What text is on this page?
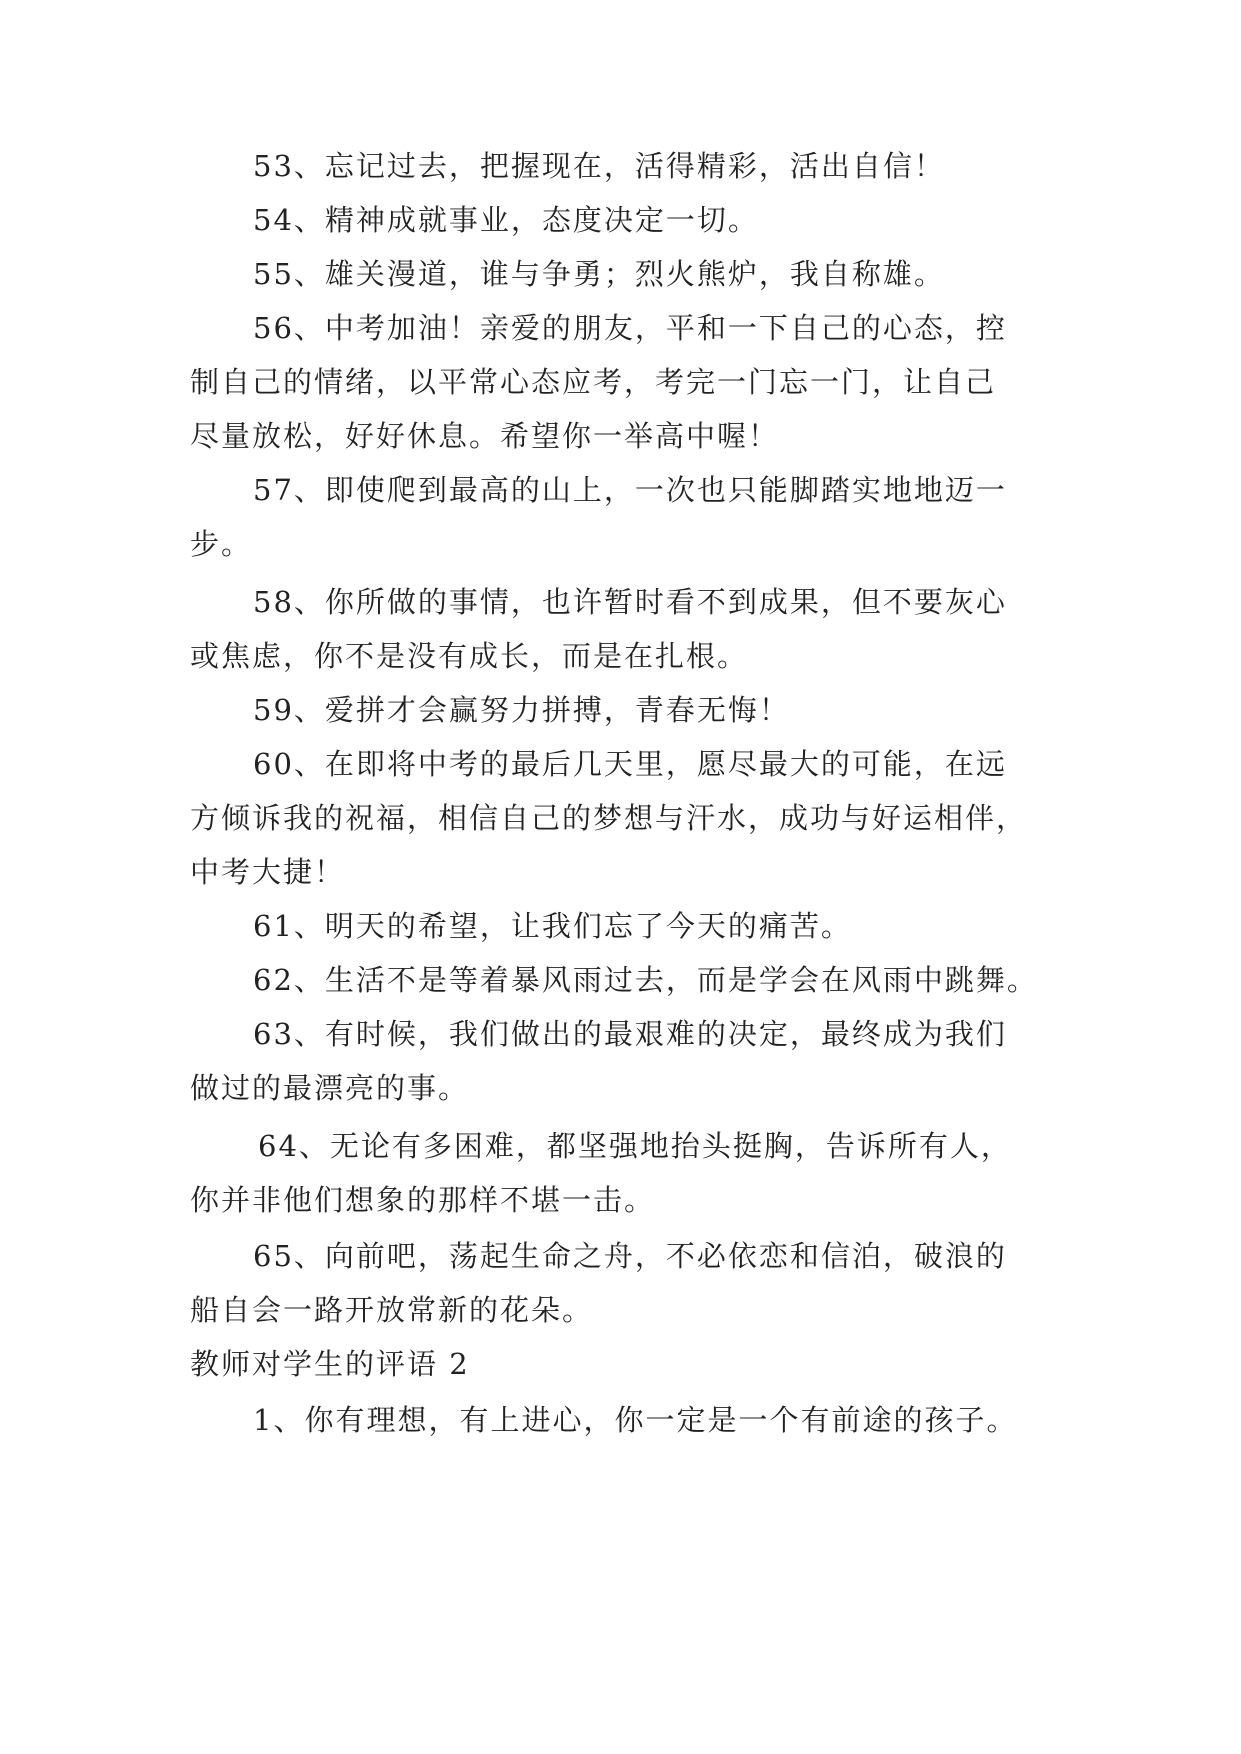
53、忘记过去，把握现在，活得精彩，活出自信！
54、精神成就事业，态度决定一切。
55、雄关漫道，谁与争勇；烈火熊炉，我自称雄。
56、中考加油！亲爱的朋友，平和一下自己的心态，控
制自己的情绪，以平常心态应考，考完一门忘一门，让自己
尽量放松，好好休息。希望你一举高中喔！
57、即使爬到最高的山上，一次也只能脚踏实地地迈一
步。
58、你所做的事情，也许暂时看不到成果，但不要灰心
或焦虑，你不是没有成长，而是在扎根。
59、爱拼才会赢努力拼搏，青春无悔！
60、在即将中考的最后几天里，愿尽最大的可能，在远
方倾诉我的祝福，相信自己的梦想与汗水，成功与好运相伴，
中考大捷！
61、明天的希望，让我们忘了今天的痛苦。
62、生活不是等着暴风雨过去，而是学会在风雨中跳舞。
63、有时候，我们做出的最艰难的决定，最终成为我们
做过的最漂亮的事。
64、无论有多困难，都坚强地抬头挺胸，告诉所有人，
你并非他们想象的那样不堪一击。
65、向前吧，荡起生命之舟，不必依恋和信泊，破浪的
船自会一路开放常新的花朵。
教师对学生的评语 2
1、你有理想，有上进心，你一定是一个有前途的孩子。
